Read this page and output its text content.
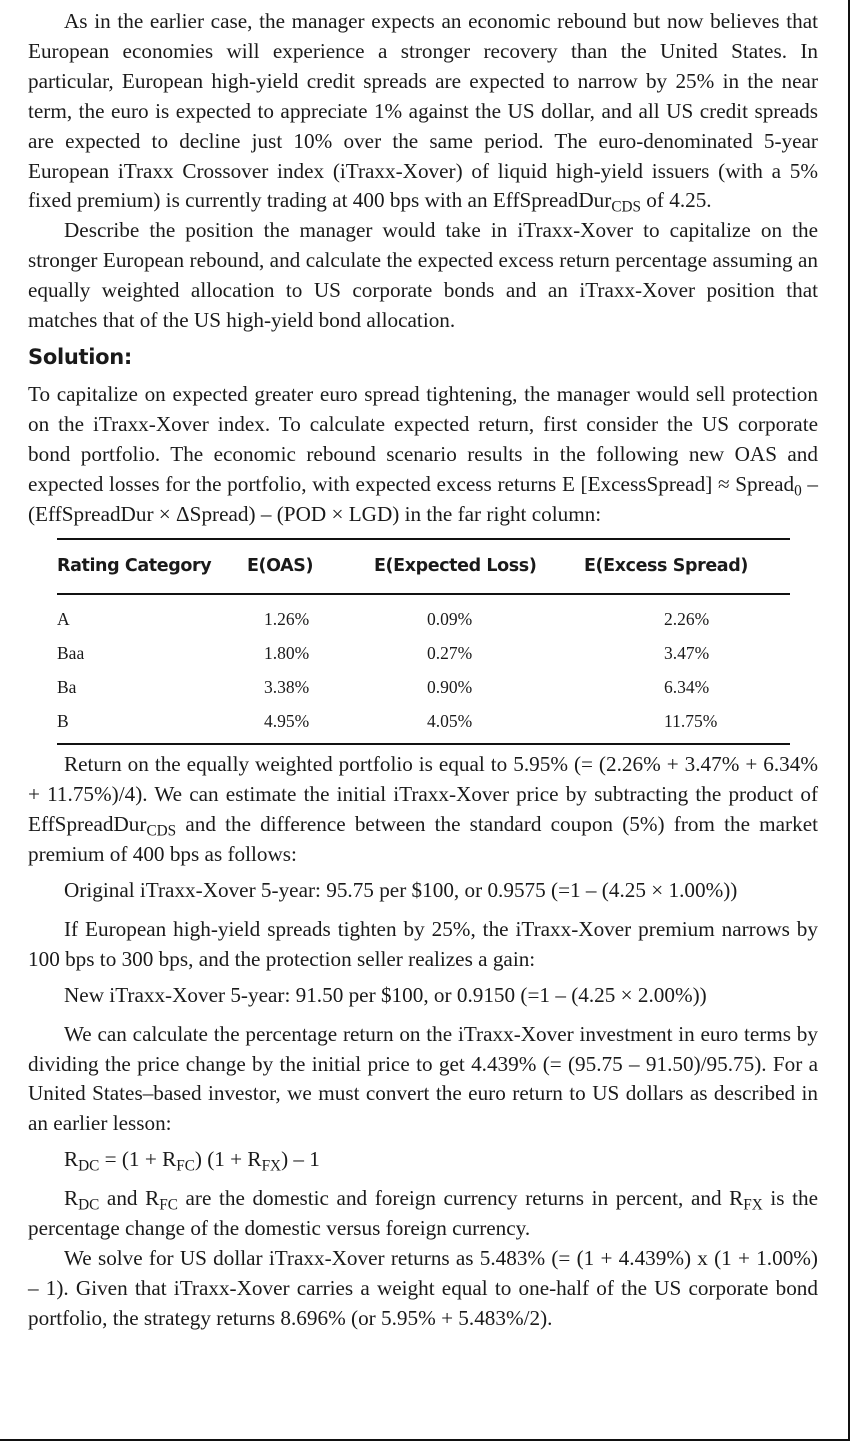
As in the earlier case, the manager expects an economic rebound but now believes that European economies will experience a stronger recovery than the United States. In particular, European high-yield credit spreads are expected to narrow by 25% in the near term, the euro is expected to appreciate 1% against the US dollar, and all US credit spreads are expected to decline just 10% over the same period. The euro-denominated 5-year European iTraxx Crossover index (iTraxx-Xover) of liquid high-yield issuers (with a 5% fixed premium) is currently trading at 400 bps with an EffSpreadDur$_{CDS}$ of 4.25.

Describe the position the manager would take in iTraxx-Xover to capitalize on the stronger European rebound, and calculate the expected excess return percentage assuming an equally weighted allocation to US corporate bonds and an iTraxx-Xover position that matches that of the US high-yield bond allocation.

Solution:

To capitalize on expected greater euro spread tightening, the manager would sell protection on the iTraxx-Xover index. To calculate expected return, first consider the US corporate bond portfolio. The economic rebound scenario results in the following new OAS and expected losses for the portfolio, with expected excess returns E [ExcessSpread] ≈ Spread$_0$ –(EffSpreadDur × ΔSpread) – (POD × LGD) in the far right column:

Rating Category	E(OAS)	E(Expected Loss)	E(Excess Spread)
A	1.26%	0.09%	2.26%
Baa	1.80%	0.27%	3.47%
Ba	3.38%	0.90%	6.34%
B	4.95%	4.05%	11.75%

Return on the equally weighted portfolio is equal to 5.95% (= (2.26% + 3.47% + 6.34% + 11.75%)/4). We can estimate the initial iTraxx-Xover price by subtracting the product of EffSpreadDur$_{CDS}$ and the difference between the standard coupon (5%) from the market premium of 400 bps as follows:

Original iTraxx-Xover 5-year: 95.75 per $100, or 0.9575 (=1 – (4.25 × 1.00%))

If European high-yield spreads tighten by 25%, the iTraxx-Xover premium narrows by 100 bps to 300 bps, and the protection seller realizes a gain:

New iTraxx-Xover 5-year: 91.50 per $100, or 0.9150 (=1 – (4.25 × 2.00%))

We can calculate the percentage return on the iTraxx-Xover investment in euro terms by dividing the price change by the initial price to get 4.439% (= (95.75 – 91.50)/95.75). For a United States–based investor, we must convert the euro return to US dollars as described in an earlier lesson:

$R_{DC} = (1 + R_{FC}) (1 + R_{FX}) - 1$

$R_{DC}$ and $R_{FC}$ are the domestic and foreign currency returns in percent, and $R_{FX}$ is the percentage change of the domestic versus foreign currency.

We solve for US dollar iTraxx-Xover returns as 5.483% (= (1 + 4.439%) x (1 + 1.00%) – 1). Given that iTraxx-Xover carries a weight equal to one-half of the US corporate bond portfolio, the strategy returns 8.696% (or 5.95% + 5.483%/2).
